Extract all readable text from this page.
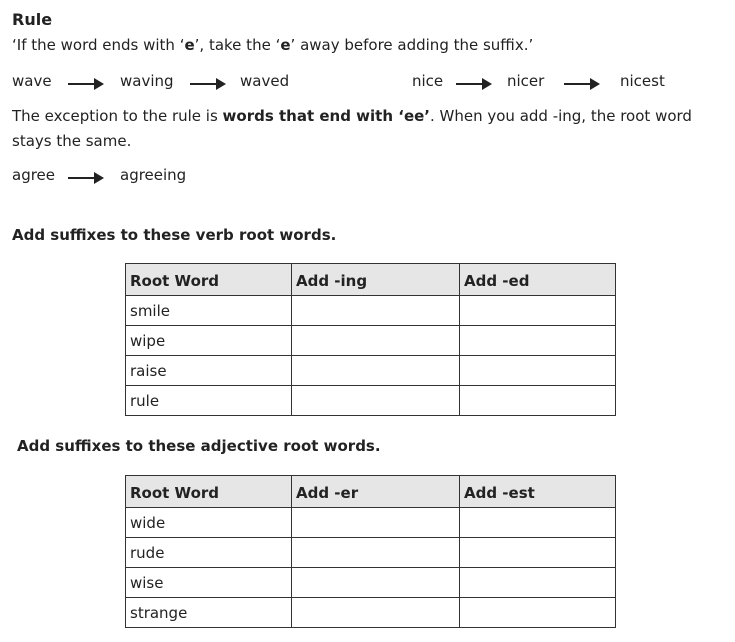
Rule
‘If the word ends with ‘e’, take the ‘e’ away before adding the suffix.’
wave	waving	waved	nice	nicer	nicest
The exception to the rule is words that end with ‘ee’. When you add -ing, the root word stays the same.
agree	agreeing
Add suffixes to these verb root words.
Root Word	Add -ing	Add -ed
smile		
wipe		
raise		
rule		
Add suffixes to these adjective root words.
Root Word	Add -er	Add -est
wide		
rude		
wise		
strange		
